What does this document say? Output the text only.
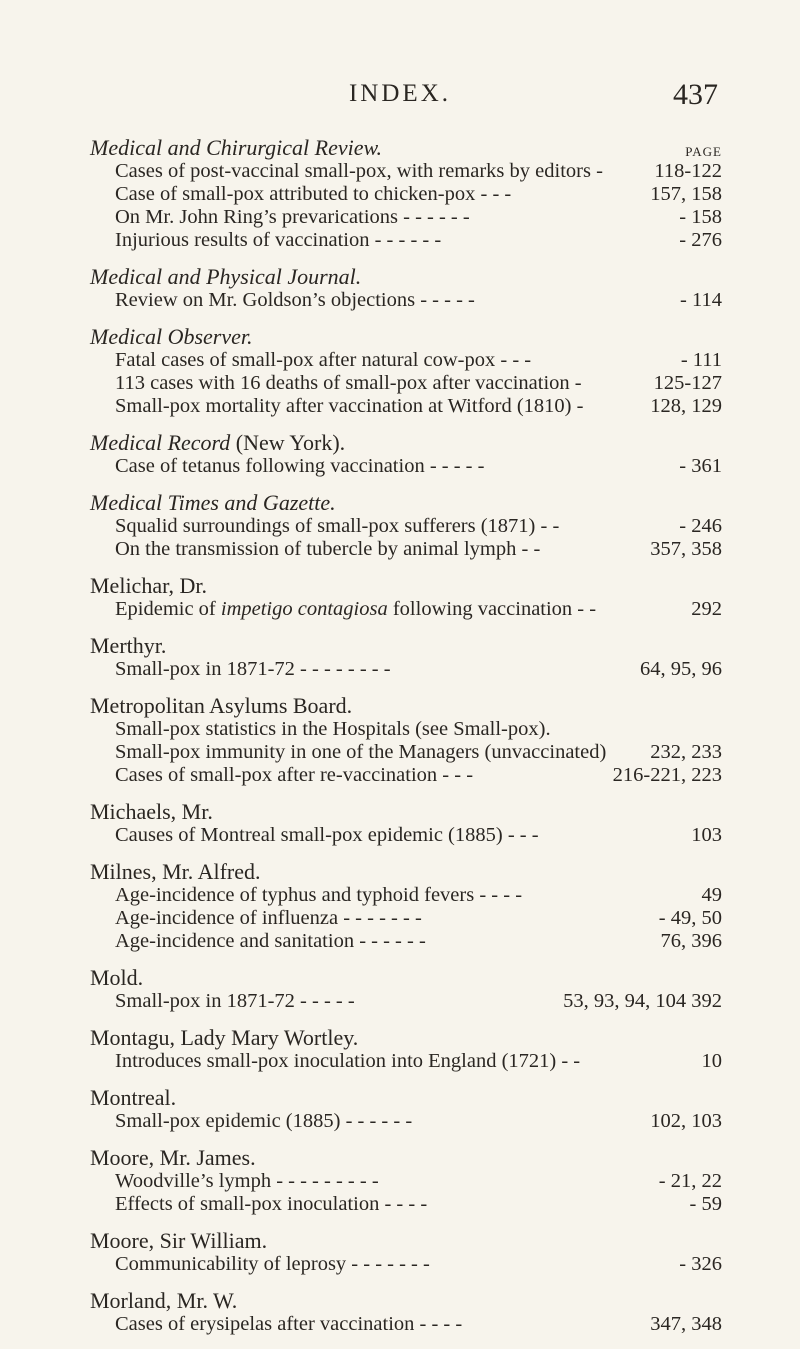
INDEX.	437
Medical and Chirurgical Review.	PAGE
Cases of post-vaccinal small-pox, with remarks by editors -	118-122
Case of small-pox attributed to chicken-pox - - -	157, 158
On Mr. John Ring’s prevarications - - - - - -	- 158
Injurious results of vaccination - - - - - -	- 276
Medical and Physical Journal.
Review on Mr. Goldson’s objections - - - - -	- 114
Medical Observer.
Fatal cases of small-pox after natural cow-pox - - -	- 111
113 cases with 16 deaths of small-pox after vaccination -	125-127
Small-pox mortality after vaccination at Witford (1810) -	128, 129
Medical Record (New York).
Case of tetanus following vaccination - - - - -	- 361
Medical Times and Gazette.
Squalid surroundings of small-pox sufferers (1871) - -	- 246
On the transmission of tubercle by animal lymph - -	357, 358
Melichar, Dr.
Epidemic of impetigo contagiosa following vaccination - -	292
Merthyr.
Small-pox in 1871-72 - - - - - - - -	64, 95, 96
Metropolitan Asylums Board.
Small-pox statistics in the Hospitals (see Small-pox).
Small-pox immunity in one of the Managers (unvaccinated) 232, 233
Cases of small-pox after re-vaccination - - -	216-221, 223
Michaels, Mr.
Causes of Montreal small-pox epidemic (1885) - - -	103
Milnes, Mr. Alfred.
Age-incidence of typhus and typhoid fevers - - - -	49
Age-incidence of influenza - - - - - - -	- 49, 50
Age-incidence and sanitation - - - - - -	76, 396
Mold.
Small-pox in 1871-72 - - - - -	53, 93, 94, 104 392
Montagu, Lady Mary Wortley.
Introduces small-pox inoculation into England (1721) - -	10
Montreal.
Small-pox epidemic (1885) - - - - - -	102, 103
Moore, Mr. James.
Woodville’s lymph - - - - - - - - -	- 21, 22
Effects of small-pox inoculation - - - -	- 59
Moore, Sir William.
Communicability of leprosy - - - - - - -	- 326
Morland, Mr. W.
Cases of erysipelas after vaccination - - - -	347, 348
